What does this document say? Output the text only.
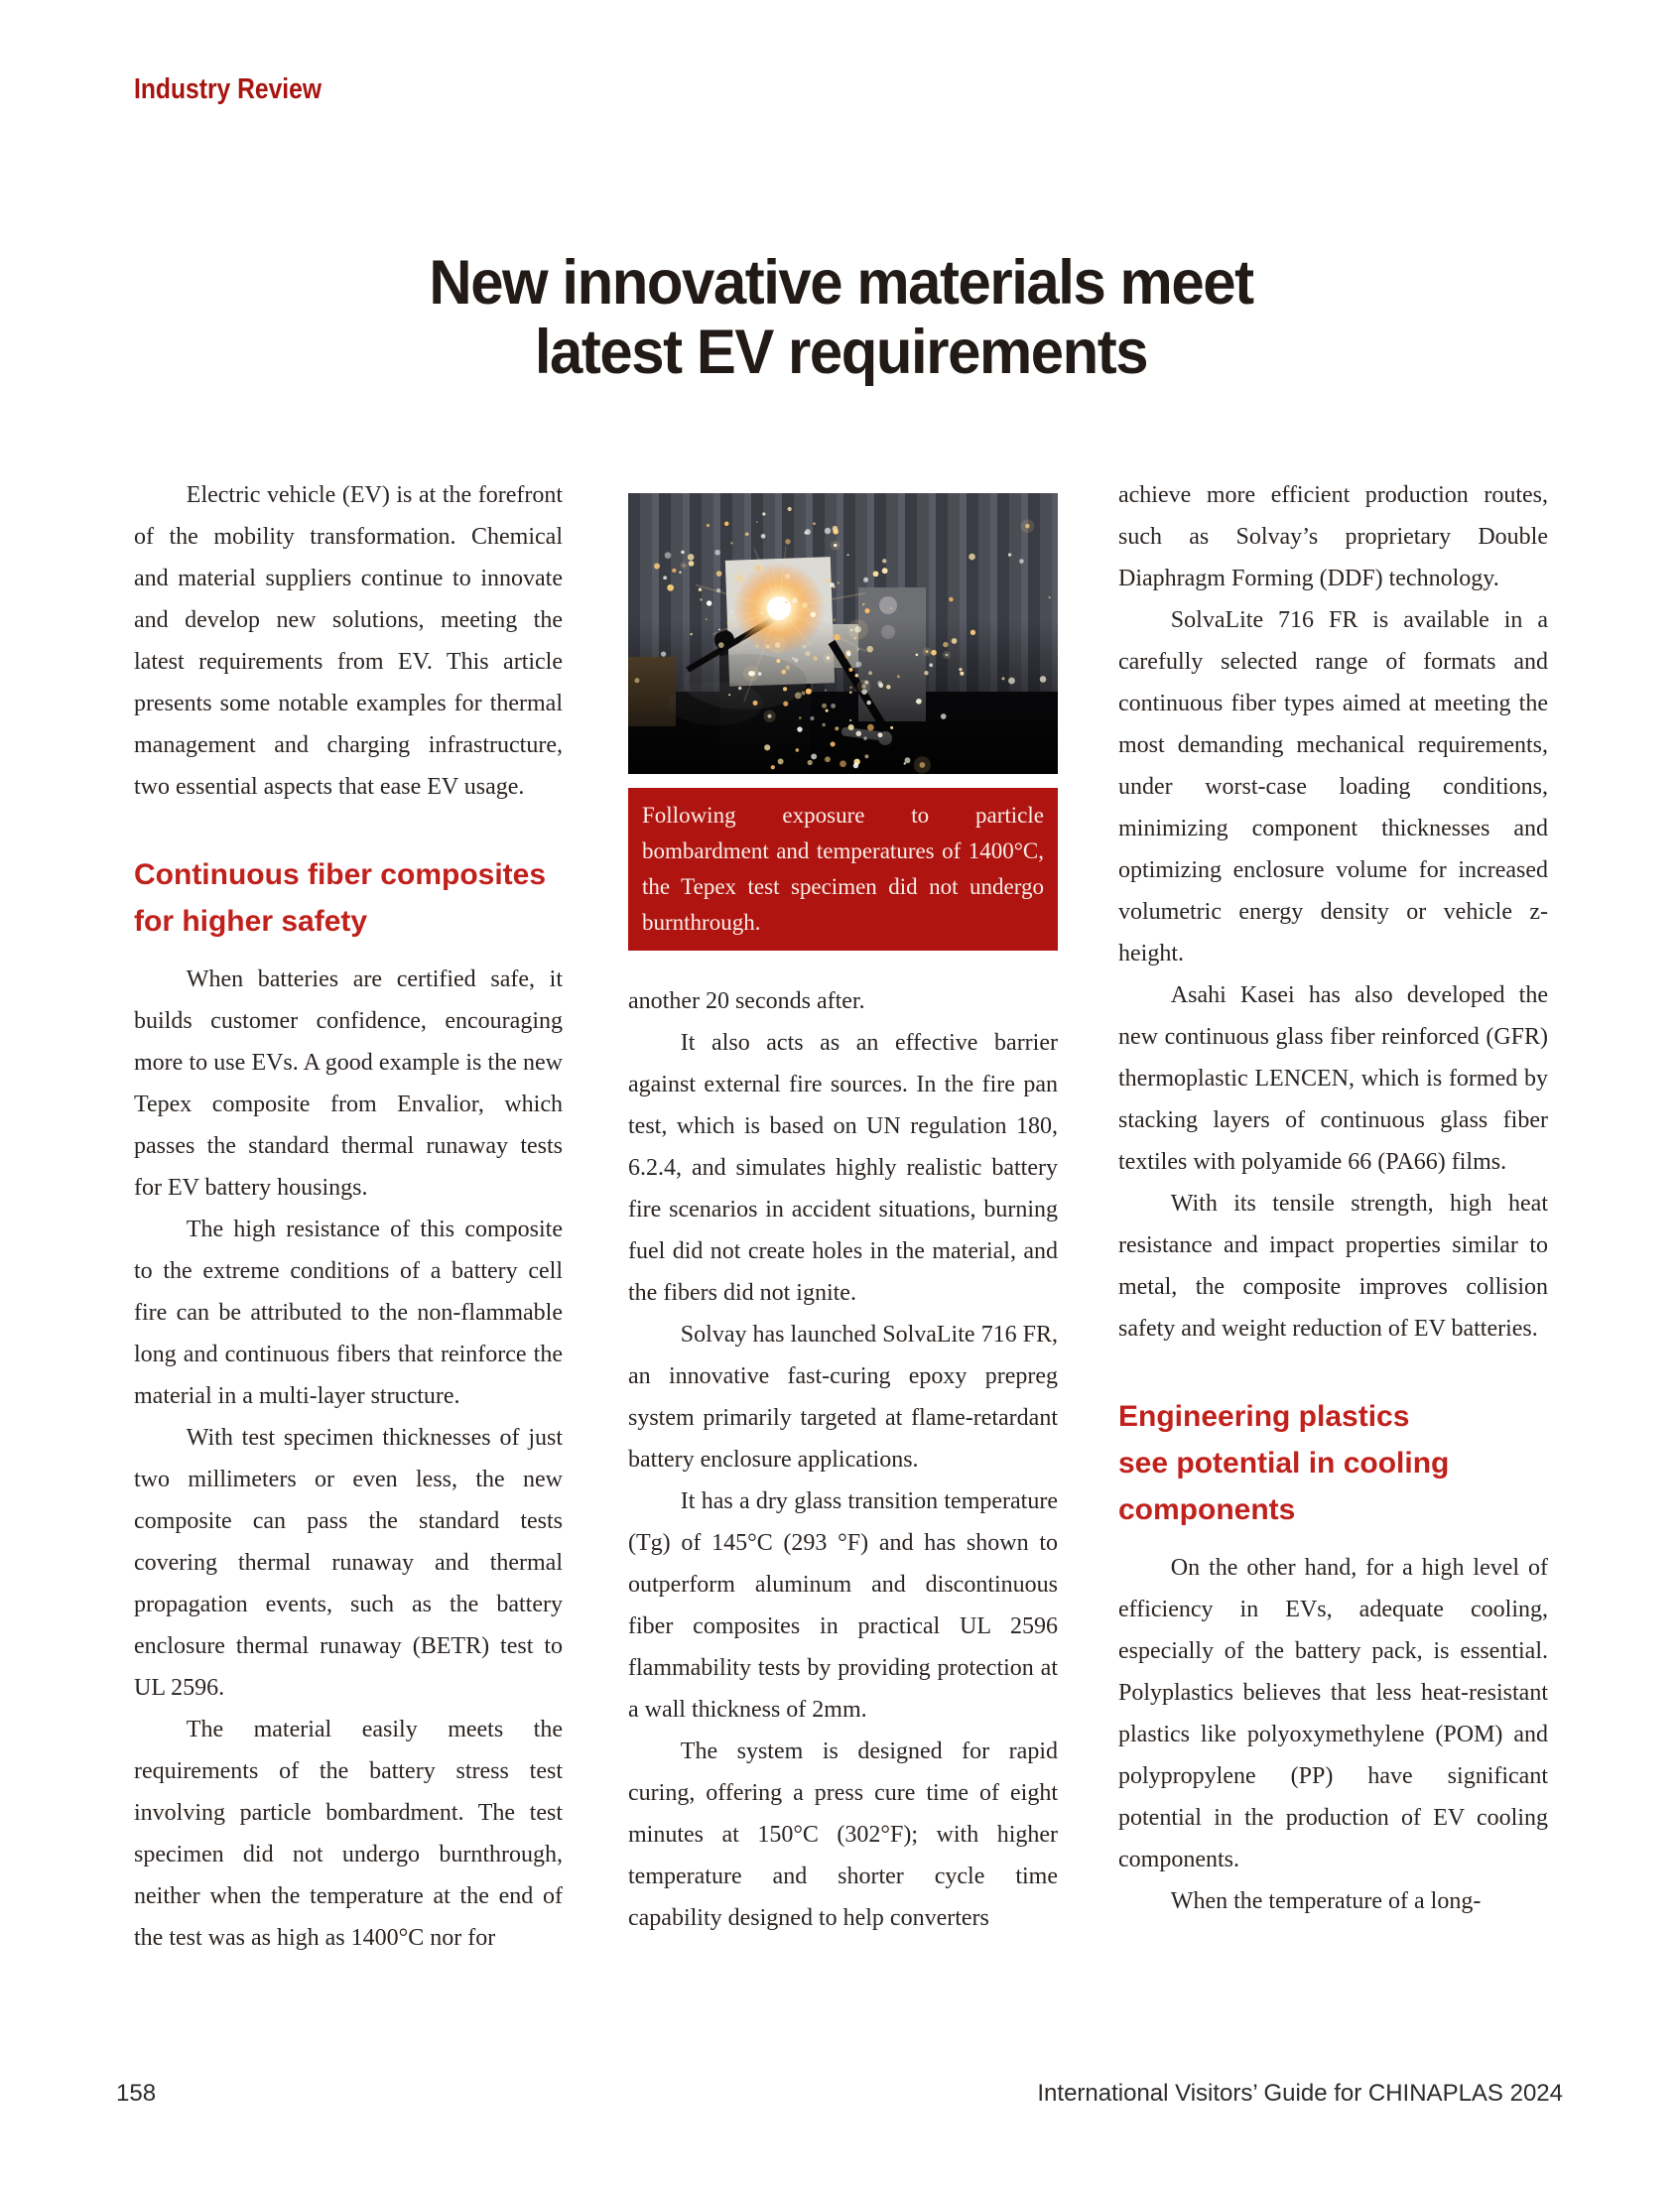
Industry Review
New innovative materials meet
latest EV requirements

Electric vehicle (EV) is at the forefront of the mobility transformation. Chemical and material suppliers continue to innovate and develop new solutions, meeting the latest requirements from EV. This article presents some notable examples for thermal management and charging infrastructure, two essential aspects that ease EV usage.

Continuous fiber composites
for higher safety

When batteries are certified safe, it builds customer confidence, encouraging more to use EVs. A good example is the new Tepex composite from Envalior, which passes the standard thermal runaway tests for EV battery housings.

The high resistance of this composite to the extreme conditions of a battery cell fire can be attributed to the non-flammable long and continuous fibers that reinforce the material in a multi-layer structure.

With test specimen thicknesses of just two millimeters or even less, the new composite can pass the standard tests covering thermal runaway and thermal propagation events, such as the battery enclosure thermal runaway (BETR) test to UL 2596.

The material easily meets the requirements of the battery stress test involving particle bombardment. The test specimen did not undergo burnthrough, neither when the temperature at the end of the test was as high as 1400°C nor for

Following exposure to particle bombardment and temperatures of 1400°C, the Tepex test specimen did not undergo burnthrough.

another 20 seconds after.

It also acts as an effective barrier against external fire sources. In the fire pan test, which is based on UN regulation 180, 6.2.4, and simulates highly realistic battery fire scenarios in accident situations, burning fuel did not create holes in the material, and the fibers did not ignite.

Solvay has launched SolvaLite 716 FR, an innovative fast-curing epoxy prepreg system primarily targeted at flame-retardant battery enclosure applications.

It has a dry glass transition temperature (Tg) of 145°C (293 °F) and has shown to outperform aluminum and discontinuous fiber composites in practical UL 2596 flammability tests by providing protection at a wall thickness of 2mm.

The system is designed for rapid curing, offering a press cure time of eight minutes at 150°C (302°F); with higher temperature and shorter cycle time capability designed to help converters

achieve more efficient production routes, such as Solvay’s proprietary Double Diaphragm Forming (DDF) technology.

SolvaLite 716 FR is available in a carefully selected range of formats and continuous fiber types aimed at meeting the most demanding mechanical requirements, under worst-case loading conditions, minimizing component thicknesses and optimizing enclosure volume for increased volumetric energy density or vehicle z-height.

Asahi Kasei has also developed the new continuous glass fiber reinforced (GFR) thermoplastic LENCEN, which is formed by stacking layers of continuous glass fiber textiles with polyamide 66 (PA66) films.

With its tensile strength, high heat resistance and impact properties similar to metal, the composite improves collision safety and weight reduction of EV batteries.

Engineering plastics
see potential in cooling
components

On the other hand, for a high level of efficiency in EVs, adequate cooling, especially of the battery pack, is essential. Polyplastics believes that less heat-resistant plastics like polyoxymethylene (POM) and polypropylene (PP) have significant potential in the production of EV cooling components.

When the temperature of a long-

158	International Visitors’ Guide for CHINAPLAS 2024
